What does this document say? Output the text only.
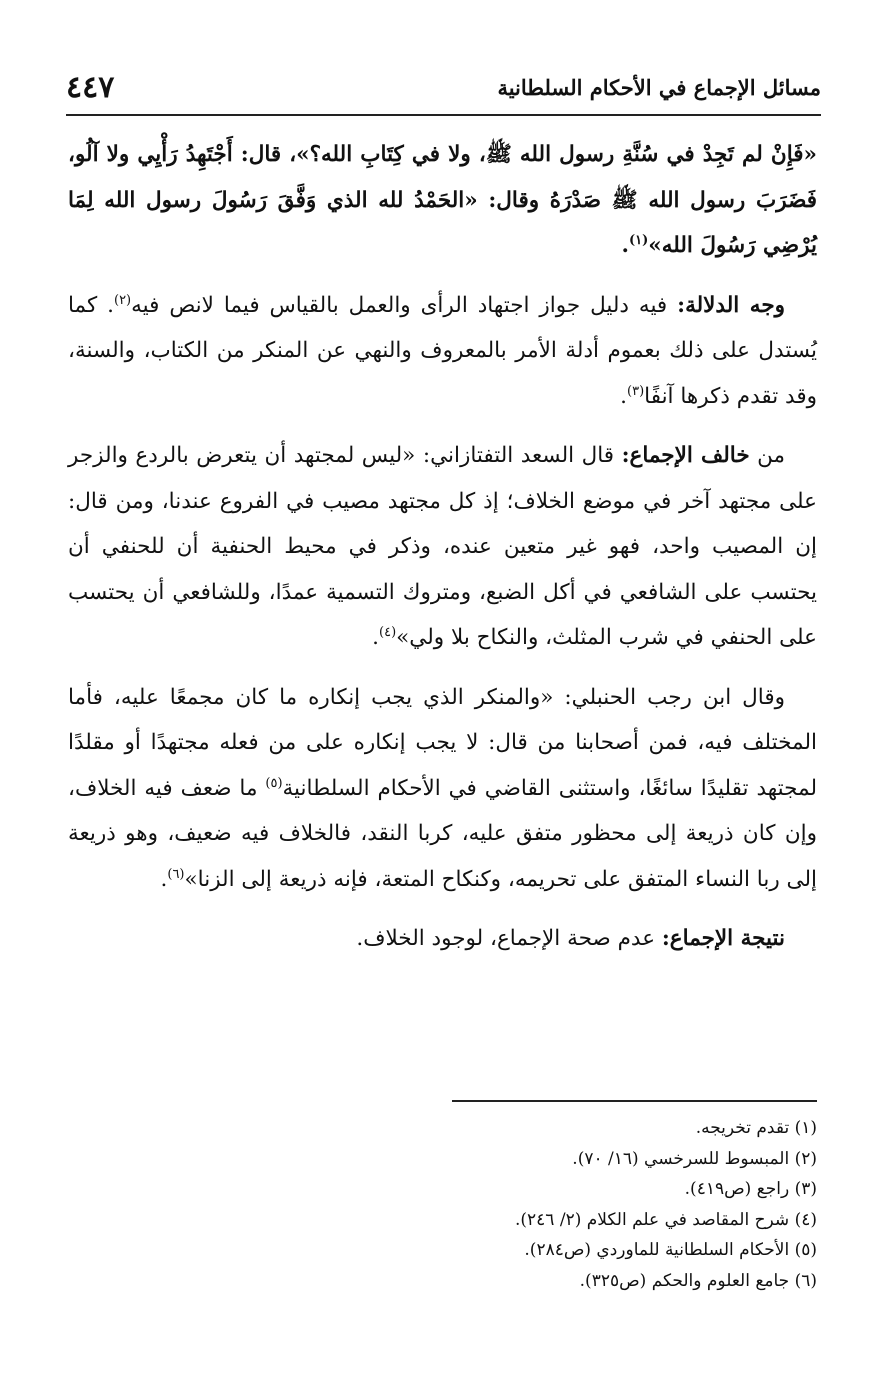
٤٤٧	مسائل الإجماع في الأحكام السلطانية

«فَإِنْ لم تَجِدْ في سُنَّةِ رسول الله ﷺ، ولا في كِتَابِ الله؟»، قال: أَجْتَهِدُ رَأْيِي ولا آلُو، فَضَرَبَ رسول الله ﷺ صَدْرَهُ وقال: «الحَمْدُ لله الذي وَفَّقَ رَسُولَ رسول الله لِمَا يُرْضِي رَسُولَ الله»$^{(١)}$.

وجه الدلالة: فيه دليل جواز اجتهاد الرأى والعمل بالقياس فيما لانص فيه$^{(٢)}$. كما يُستدل على ذلك بعموم أدلة الأمر بالمعروف والنهي عن المنكر من الكتاب، والسنة، وقد تقدم ذكرها آنفًا$^{(٣)}$.

من خالف الإجماع: قال السعد التفتازاني: «ليس لمجتهد أن يتعرض بالردع والزجر على مجتهد آخر في موضع الخلاف؛ إذ كل مجتهد مصيب في الفروع عندنا، ومن قال: إن المصيب واحد، فهو غير متعين عنده، وذكر في محيط الحنفية أن للحنفي أن يحتسب على الشافعي في أكل الضبع، ومتروك التسمية عمدًا، وللشافعي أن يحتسب على الحنفي في شرب المثلث، والنكاح بلا ولي»$^{(٤)}$.

وقال ابن رجب الحنبلي: «والمنكر الذي يجب إنكاره ما كان مجمعًا عليه، فأما المختلف فيه، فمن أصحابنا من قال: لا يجب إنكاره على من فعله مجتهدًا أو مقلدًا لمجتهد تقليدًا سائغًا، واستثنى القاضي في الأحكام السلطانية$^{(٥)}$ ما ضعف فيه الخلاف، وإن كان ذريعة إلى محظور متفق عليه، كربا النقد، فالخلاف فيه ضعيف، وهو ذريعة إلى ربا النساء المتفق على تحريمه، وكنكاح المتعة، فإنه ذريعة إلى الزنا»$^{(٦)}$.

نتيجة الإجماع: عدم صحة الإجماع، لوجود الخلاف.

(١) تقدم تخريجه.
(٢) المبسوط للسرخسي (١٦/ ٧٠).
(٣) راجع (ص٤١٩).
(٤) شرح المقاصد في علم الكلام (٢/ ٢٤٦).
(٥) الأحكام السلطانية للماوردي (ص٢٨٤).
(٦) جامع العلوم والحكم (ص٣٢٥).
